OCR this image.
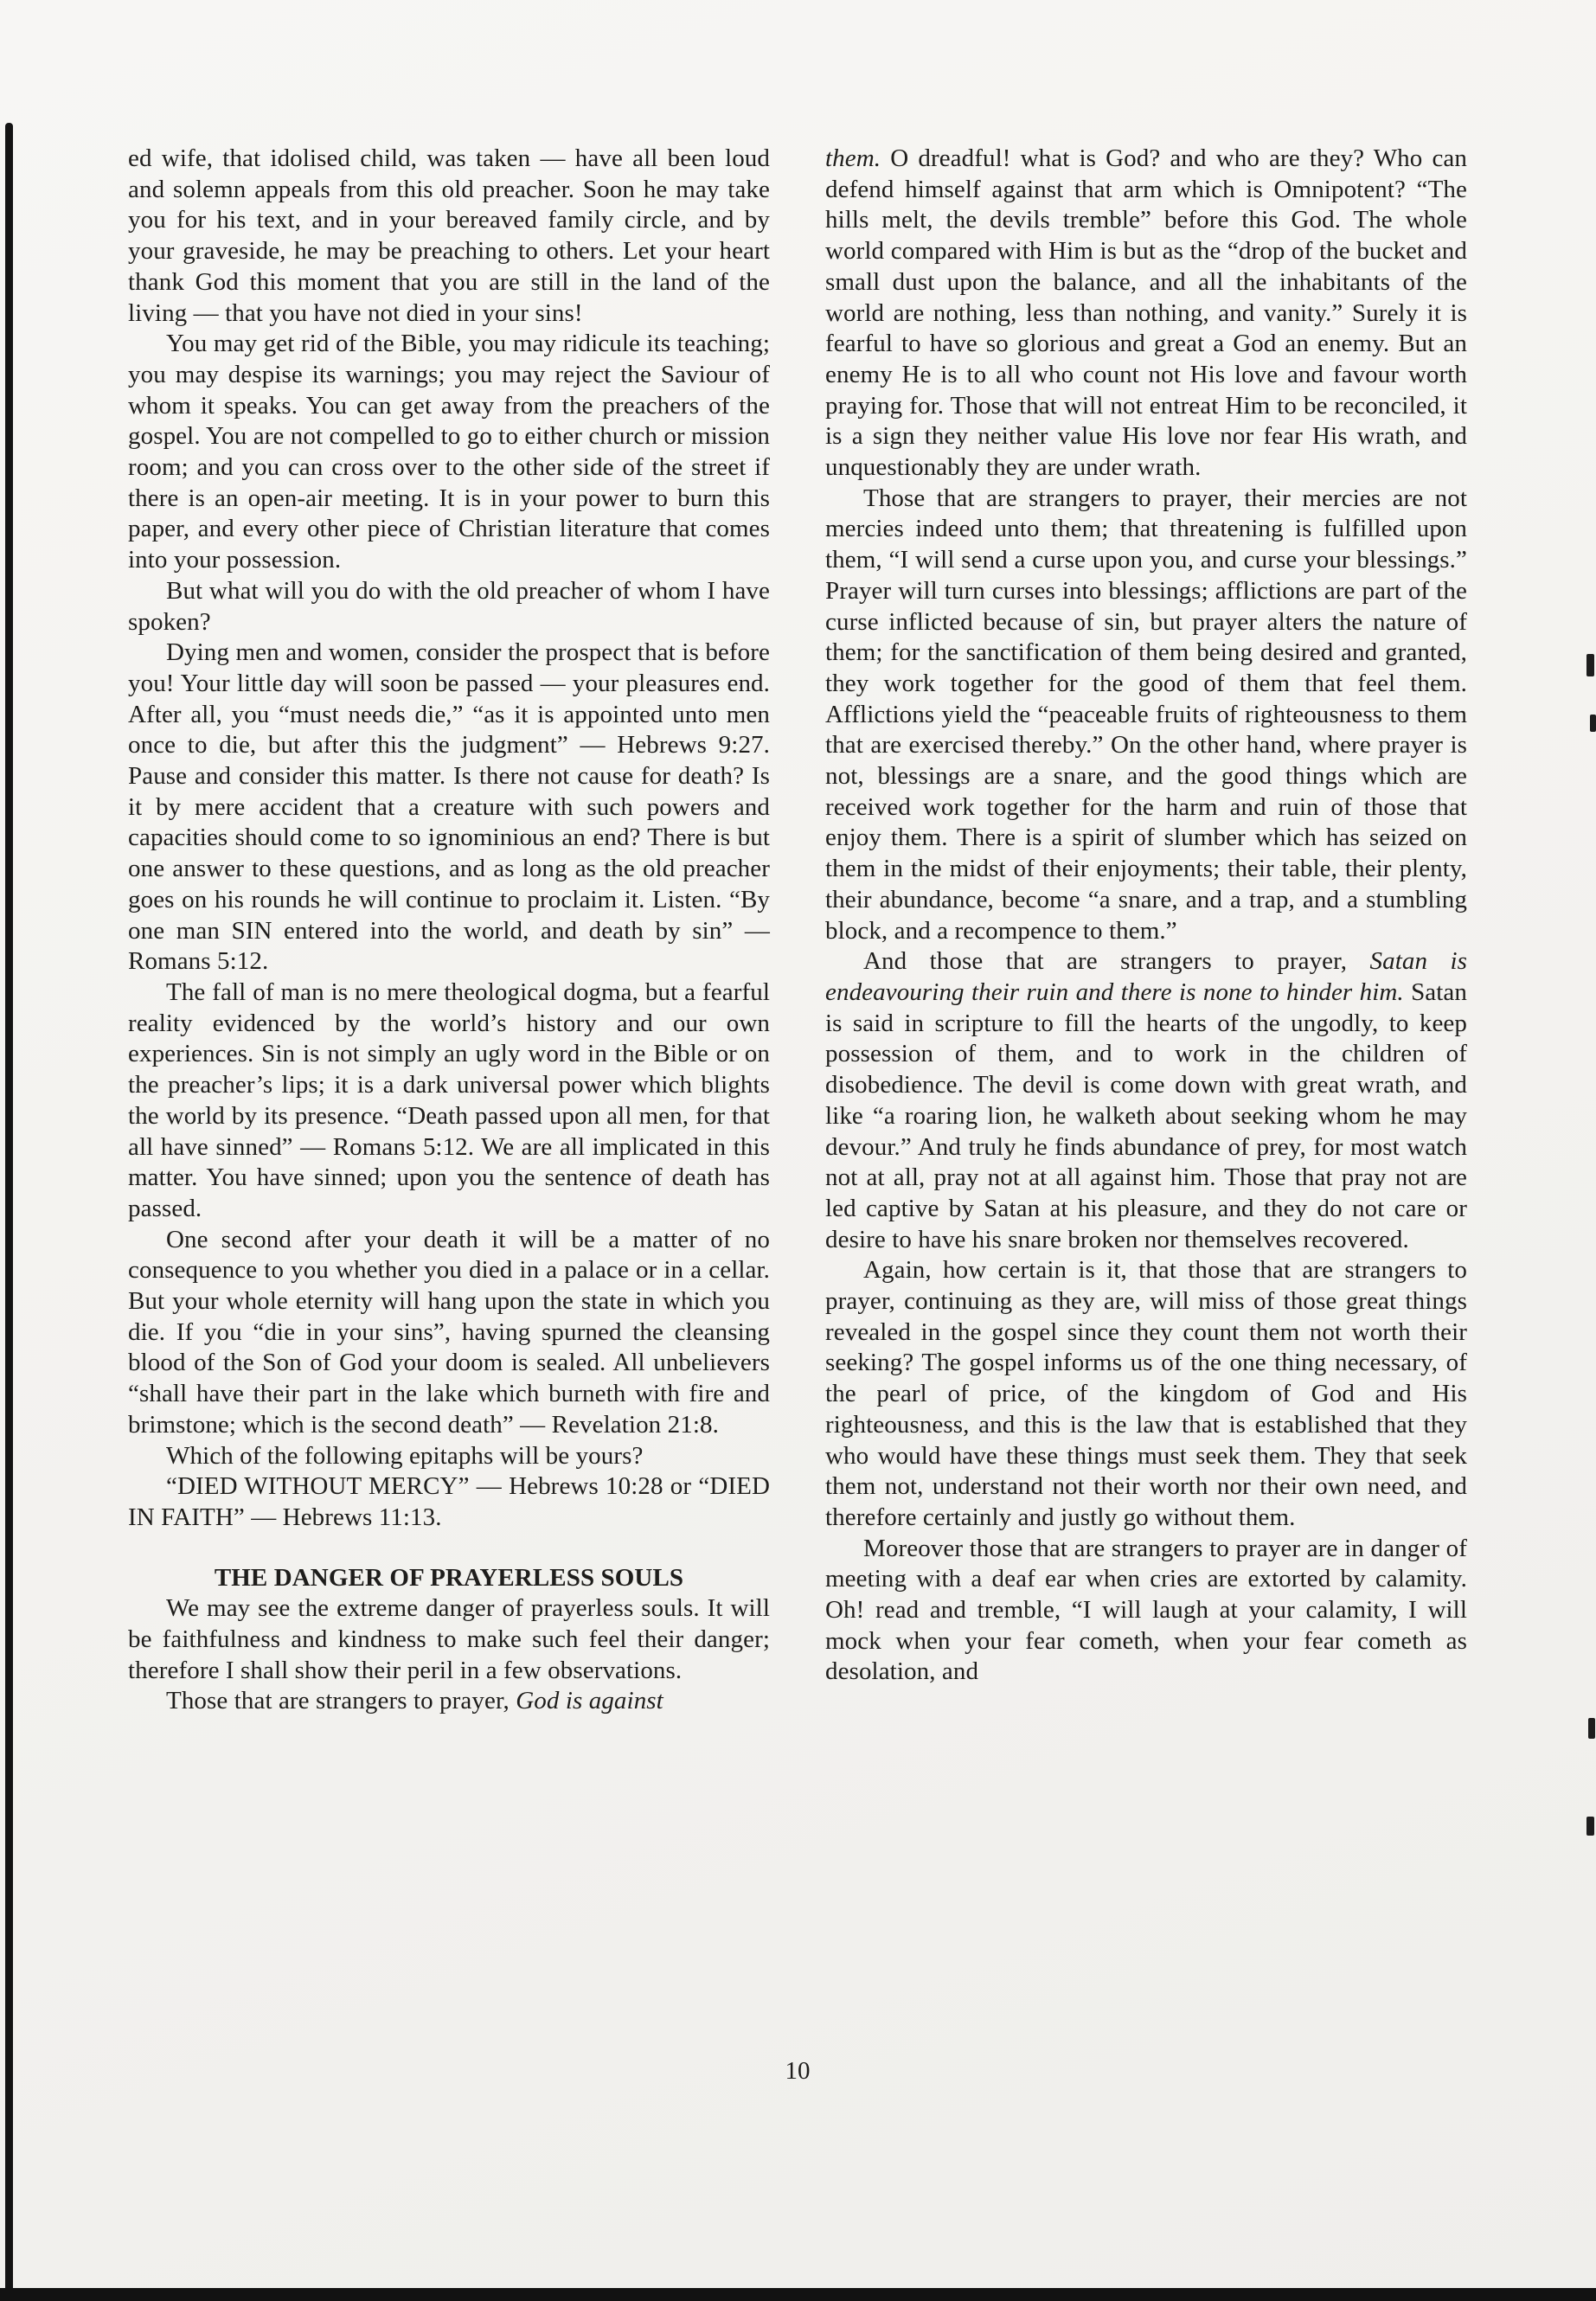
ed wife, that idolised child, was taken — have all been loud and solemn appeals from this old preacher. Soon he may take you for his text, and in your bereaved family circle, and by your graveside, he may be preaching to others. Let your heart thank God this moment that you are still in the land of the living — that you have not died in your sins!

You may get rid of the Bible, you may ridicule its teaching; you may despise its warnings; you may reject the Saviour of whom it speaks. You can get away from the preachers of the gospel. You are not compelled to go to either church or mission room; and you can cross over to the other side of the street if there is an open-air meeting. It is in your power to burn this paper, and every other piece of Christian literature that comes into your possession.

But what will you do with the old preacher of whom I have spoken?

Dying men and women, consider the prospect that is before you! Your little day will soon be passed — your pleasures end. After all, you “must needs die,” “as it is appointed unto men once to die, but after this the judgment” — Hebrews 9:27. Pause and consider this matter. Is there not cause for death? Is it by mere accident that a creature with such powers and capacities should come to so ignominious an end? There is but one answer to these questions, and as long as the old preacher goes on his rounds he will continue to proclaim it. Listen. “By one man SIN entered into the world, and death by sin” — Romans 5:12.

The fall of man is no mere theological dogma, but a fearful reality evidenced by the world’s history and our own experiences. Sin is not simply an ugly word in the Bible or on the preacher’s lips; it is a dark universal power which blights the world by its presence. “Death passed upon all men, for that all have sinned” — Romans 5:12. We are all implicated in this matter. You have sinned; upon you the sentence of death has passed.

One second after your death it will be a matter of no consequence to you whether you died in a palace or in a cellar. But your whole eternity will hang upon the state in which you die. If you “die in your sins”, having spurned the cleansing blood of the Son of God your doom is sealed. All unbelievers “shall have their part in the lake which burneth with fire and brimstone; which is the second death” — Revelation 21:8.

Which of the following epitaphs will be yours?

“DIED WITHOUT MERCY” — Hebrews 10:28 or “DIED IN FAITH” — Hebrews 11:13.

THE DANGER OF PRAYERLESS SOULS

We may see the extreme danger of prayerless souls. It will be faithfulness and kindness to make such feel their danger; therefore I shall show their peril in a few observations.

Those that are strangers to prayer, God is against

them. O dreadful! what is God? and who are they? Who can defend himself against that arm which is Omnipotent? “The hills melt, the devils tremble” before this God. The whole world compared with Him is but as the “drop of the bucket and small dust upon the balance, and all the inhabitants of the world are nothing, less than nothing, and vanity.” Surely it is fearful to have so glorious and great a God an enemy. But an enemy He is to all who count not His love and favour worth praying for. Those that will not entreat Him to be reconciled, it is a sign they neither value His love nor fear His wrath, and unquestionably they are under wrath.

Those that are strangers to prayer, their mercies are not mercies indeed unto them; that threatening is fulfilled upon them, “I will send a curse upon you, and curse your blessings.” Prayer will turn curses into blessings; afflictions are part of the curse inflicted because of sin, but prayer alters the nature of them; for the sanctification of them being desired and granted, they work together for the good of them that feel them. Afflictions yield the “peaceable fruits of righteousness to them that are exercised thereby.” On the other hand, where prayer is not, blessings are a snare, and the good things which are received work together for the harm and ruin of those that enjoy them. There is a spirit of slumber which has seized on them in the midst of their enjoyments; their table, their plenty, their abundance, become “a snare, and a trap, and a stumbling block, and a recompence to them.”

And those that are strangers to prayer, Satan is endeavouring their ruin and there is none to hinder him. Satan is said in scripture to fill the hearts of the ungodly, to keep possession of them, and to work in the children of disobedience. The devil is come down with great wrath, and like “a roaring lion, he walketh about seeking whom he may devour.” And truly he finds abundance of prey, for most watch not at all, pray not at all against him. Those that pray not are led captive by Satan at his pleasure, and they do not care or desire to have his snare broken nor themselves recovered.

Again, how certain is it, that those that are strangers to prayer, continuing as they are, will miss of those great things revealed in the gospel since they count them not worth their seeking? The gospel informs us of the one thing necessary, of the pearl of price, of the kingdom of God and His righteousness, and this is the law that is established that they who would have these things must seek them. They that seek them not, understand not their worth nor their own need, and therefore certainly and justly go without them.

Moreover those that are strangers to prayer are in danger of meeting with a deaf ear when cries are extorted by calamity. Oh! read and tremble, “I will laugh at your calamity, I will mock when your fear cometh, when your fear cometh as desolation, and

10
